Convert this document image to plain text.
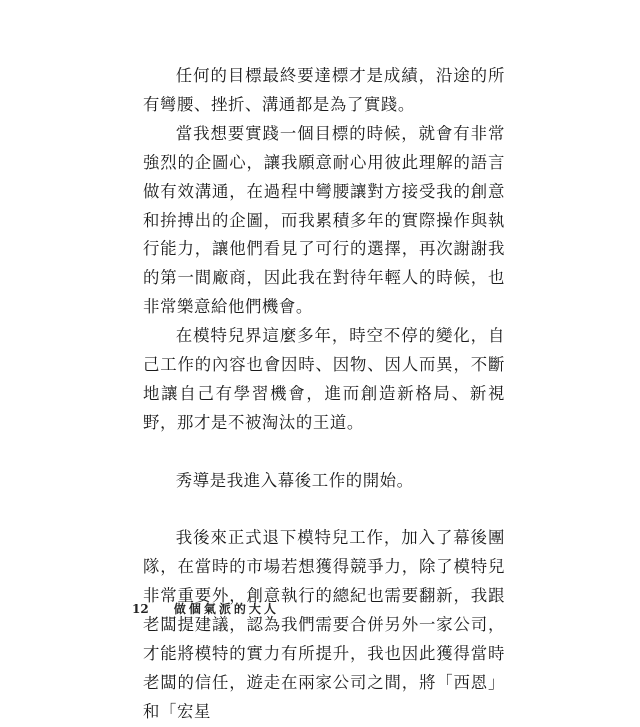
任何的目標最終要達標才是成績，沿途的所有彎腰、挫折、溝通都是為了實踐。

當我想要實踐一個目標的時候，就會有非常強烈的企圖心，讓我願意耐心用彼此理解的語言做有效溝通，在過程中彎腰讓對方接受我的創意和拚搏出的企圖，而我累積多年的實際操作與執行能力，讓他們看見了可行的選擇，再次謝謝我的第一間廠商，因此我在對待年輕人的時候，也非常樂意給他們機會。

在模特兒界這麼多年，時空不停的變化，自己工作的內容也會因時、因物、因人而異，不斷地讓自己有學習機會，進而創造新格局、新視野，那才是不被淘汰的王道。

秀導是我進入幕後工作的開始。

我後來正式退下模特兒工作，加入了幕後團隊，在當時的市場若想獲得競爭力，除了模特兒非常重要外，創意執行的總紀也需要翻新，我跟老闆提建議，認為我們需要合併另外一家公司，才能將模特的實力有所提升，我也因此獲得當時老闆的信任，遊走在兩家公司之間，將「西恩」和「宏星

12 做個氣派的大人
